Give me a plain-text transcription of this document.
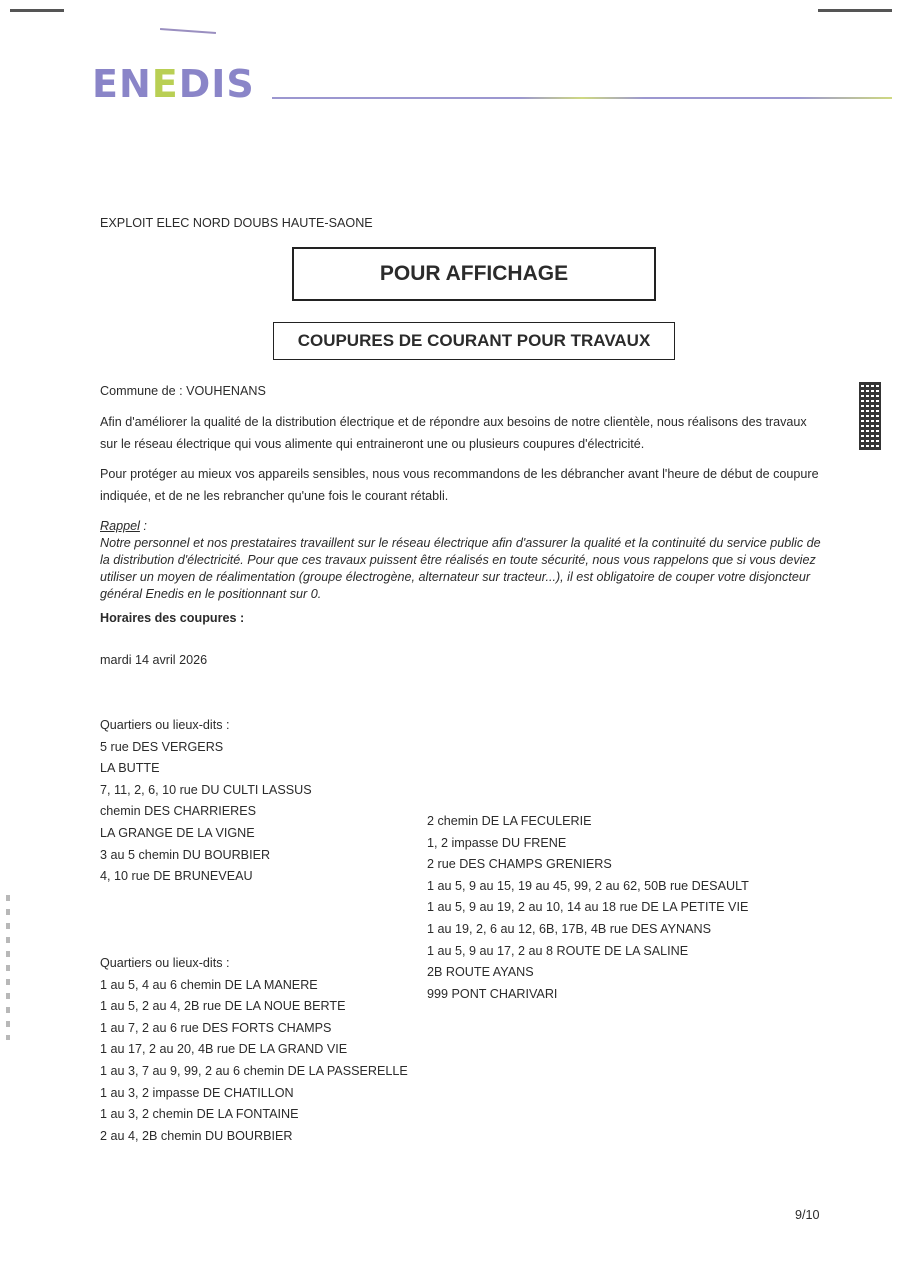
ENEDIS
EXPLOIT ELEC NORD DOUBS HAUTE-SAONE
POUR AFFICHAGE
COUPURES DE COURANT POUR TRAVAUX
Commune de : VOUHENANS
Afin d'améliorer la qualité de la distribution électrique et de répondre aux besoins de notre clientèle, nous réalisons des travaux sur le réseau électrique qui vous alimente qui entraineront une ou plusieurs coupures d'électricité.
Pour protéger au mieux vos appareils sensibles, nous vous recommandons de les débrancher avant l'heure de début de coupure indiquée, et de ne les rebrancher qu'une fois le courant rétabli.
Rappel :
Notre personnel et nos prestataires travaillent sur le réseau électrique afin d'assurer la qualité et la continuité du service public de la distribution d'électricité. Pour que ces travaux puissent être réalisés en toute sécurité, nous vous rappelons que si vous deviez utiliser un moyen de réalimentation (groupe électrogène, alternateur sur tracteur...), il est obligatoire de couper votre disjoncteur général Enedis en le positionnant sur 0.
Horaires des coupures :
mardi 14 avril 2026
Quartiers ou lieux-dits :
5 rue DES VERGERS
LA BUTTE
7, 11, 2, 6, 10 rue DU CULTI LASSUS
chemin DES CHARRIERES
LA GRANGE DE LA VIGNE
3 au 5 chemin DU BOURBIER
4, 10 rue DE BRUNEVEAU
2 chemin DE LA FECULERIE
1, 2 impasse DU FRENE
2 rue DES CHAMPS GRENIERS
1 au 5, 9 au 15, 19 au 45, 99, 2 au 62, 50B rue DESAULT
1 au 5, 9 au 19, 2 au 10, 14 au 18 rue DE LA PETITE VIE
1 au 19, 2, 6 au 12, 6B, 17B, 4B rue DES AYNANS
1 au 5, 9 au 17, 2 au 8 ROUTE DE LA SALINE
2B ROUTE AYANS
999 PONT CHARIVARI
Quartiers ou lieux-dits :
1 au 5, 4 au 6 chemin DE LA MANERE
1 au 5, 2 au 4, 2B rue DE LA NOUE BERTE
1 au 7, 2 au 6 rue DES FORTS CHAMPS
1 au 17, 2 au 20, 4B rue DE LA GRAND VIE
1 au 3, 7 au 9, 99, 2 au 6 chemin DE LA PASSERELLE
1 au 3, 2 impasse DE CHATILLON
1 au 3, 2 chemin DE LA FONTAINE
2 au 4, 2B chemin DU BOURBIER
9/10
